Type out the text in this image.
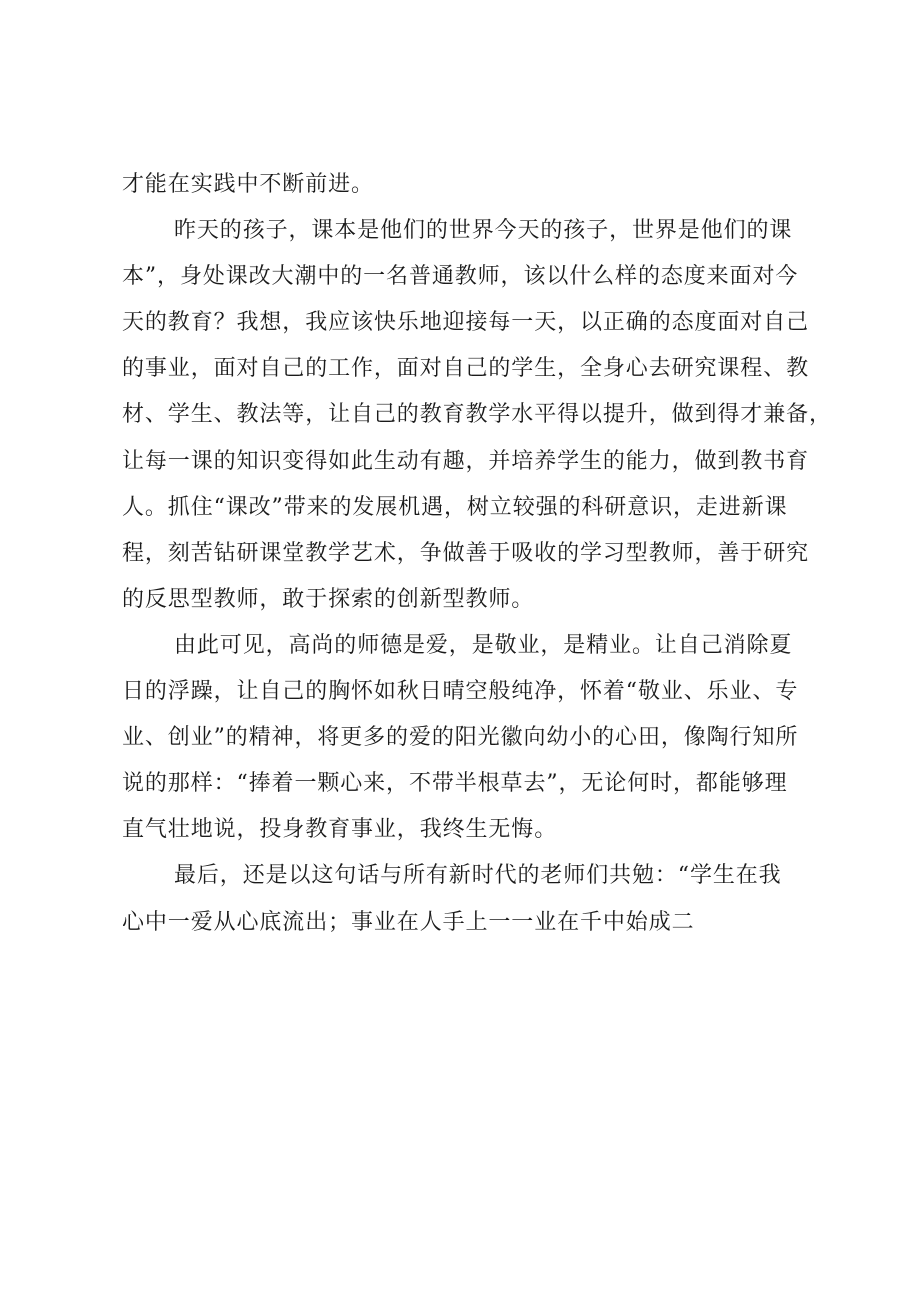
才能在实践中不断前进。
昨天的孩子，课本是他们的世界今天的孩子，世界是他们的课
本”，身处课改大潮中的一名普通教师，该以什么样的态度来面对今
天的教育？我想，我应该快乐地迎接每一天，以正确的态度面对自己
的事业，面对自己的工作，面对自己的学生，全身心去研究课程、教
材、学生、教法等，让自己的教育教学水平得以提升，做到得才兼备，
让每一课的知识变得如此生动有趣，并培养学生的能力，做到教书育
人。抓住“课改”带来的发展机遇，树立较强的科研意识，走进新课
程，刻苦钻研课堂教学艺术，争做善于吸收的学习型教师，善于研究
的反思型教师，敢于探索的创新型教师。
由此可见，高尚的师德是爱，是敬业，是精业。让自己消除夏
日的浮躁，让自己的胸怀如秋日晴空般纯净，怀着“敬业、乐业、专
业、创业”的精神，将更多的爱的阳光徽向幼小的心田，像陶行知所
说的那样：“捧着一颗心来，不带半根草去”，无论何时，都能够理
直气壮地说，投身教育事业，我终生无悔。
最后，还是以这句话与所有新时代的老师们共勉：“学生在我
心中一爱从心底流出；事业在人手上一一业在千中始成二
